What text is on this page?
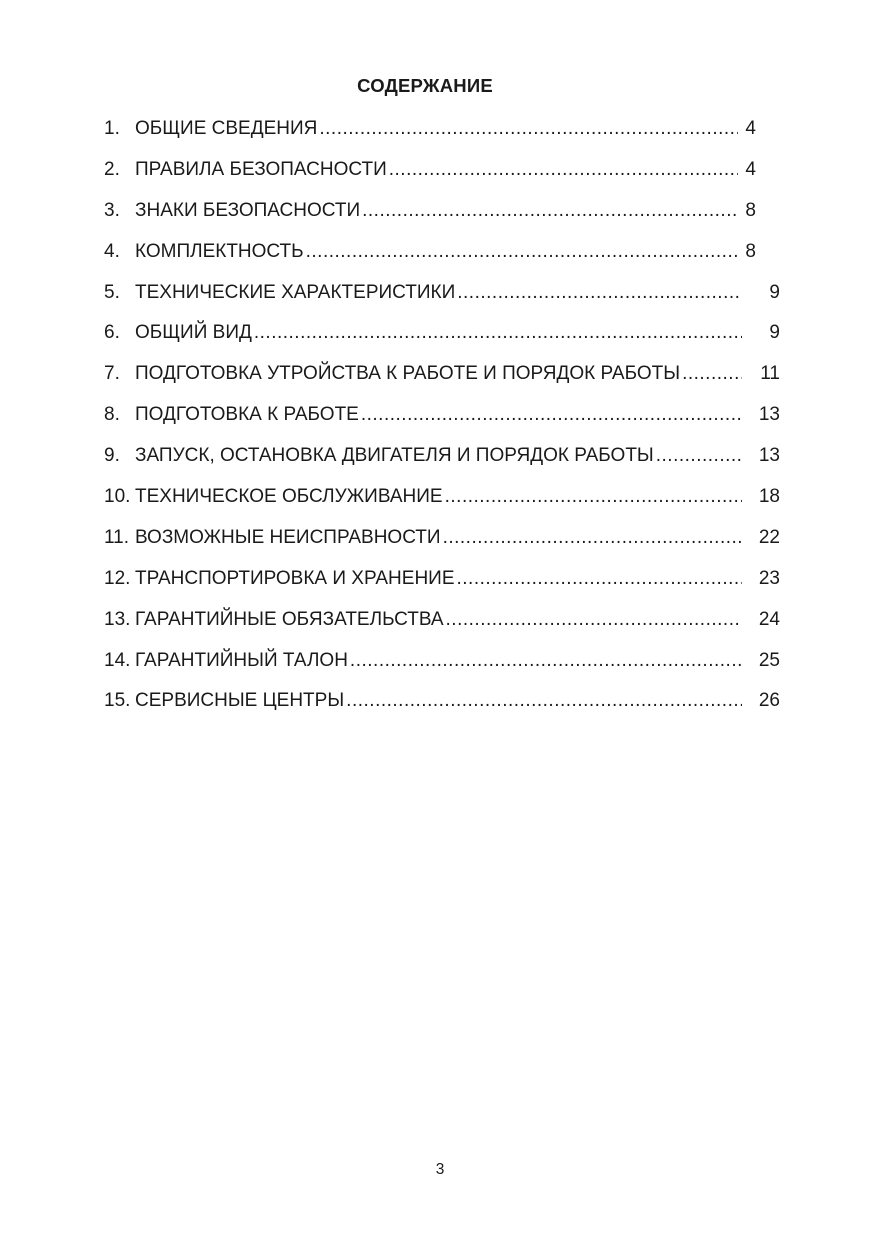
СОДЕРЖАНИЕ
1. ОБЩИЕ СВЕДЕНИЯ .....	4
2. ПРАВИЛА БЕЗОПАСНОСТИ .....	4
3. ЗНАКИ БЕЗОПАСНОСТИ .....	8
4. КОМПЛЕКТНОСТЬ .....	8
5. ТЕХНИЧЕСКИЕ ХАРАКТЕРИСТИКИ .....	9
6. ОБЩИЙ ВИД .....	9
7. ПОДГОТОВКА УТРОЙСТВА К РАБОТЕ И ПОРЯДОК РАБОТЫ .....	11
8. ПОДГОТОВКА К РАБОТЕ .....	13
9. ЗАПУСК, ОСТАНОВКА ДВИГАТЕЛЯ И ПОРЯДОК РАБОТЫ .....	13
10. ТЕХНИЧЕСКОЕ ОБСЛУЖИВАНИЕ .....	18
11. ВОЗМОЖНЫЕ НЕИСПРАВНОСТИ .....	22
12. ТРАНСПОРТИРОВКА И ХРАНЕНИЕ .....	23
13. ГАРАНТИЙНЫЕ ОБЯЗАТЕЛЬСТВА .....	24
14. ГАРАНТИЙНЫЙ ТАЛОН .....	25
15. СЕРВИСНЫЕ ЦЕНТРЫ .....	26
3
